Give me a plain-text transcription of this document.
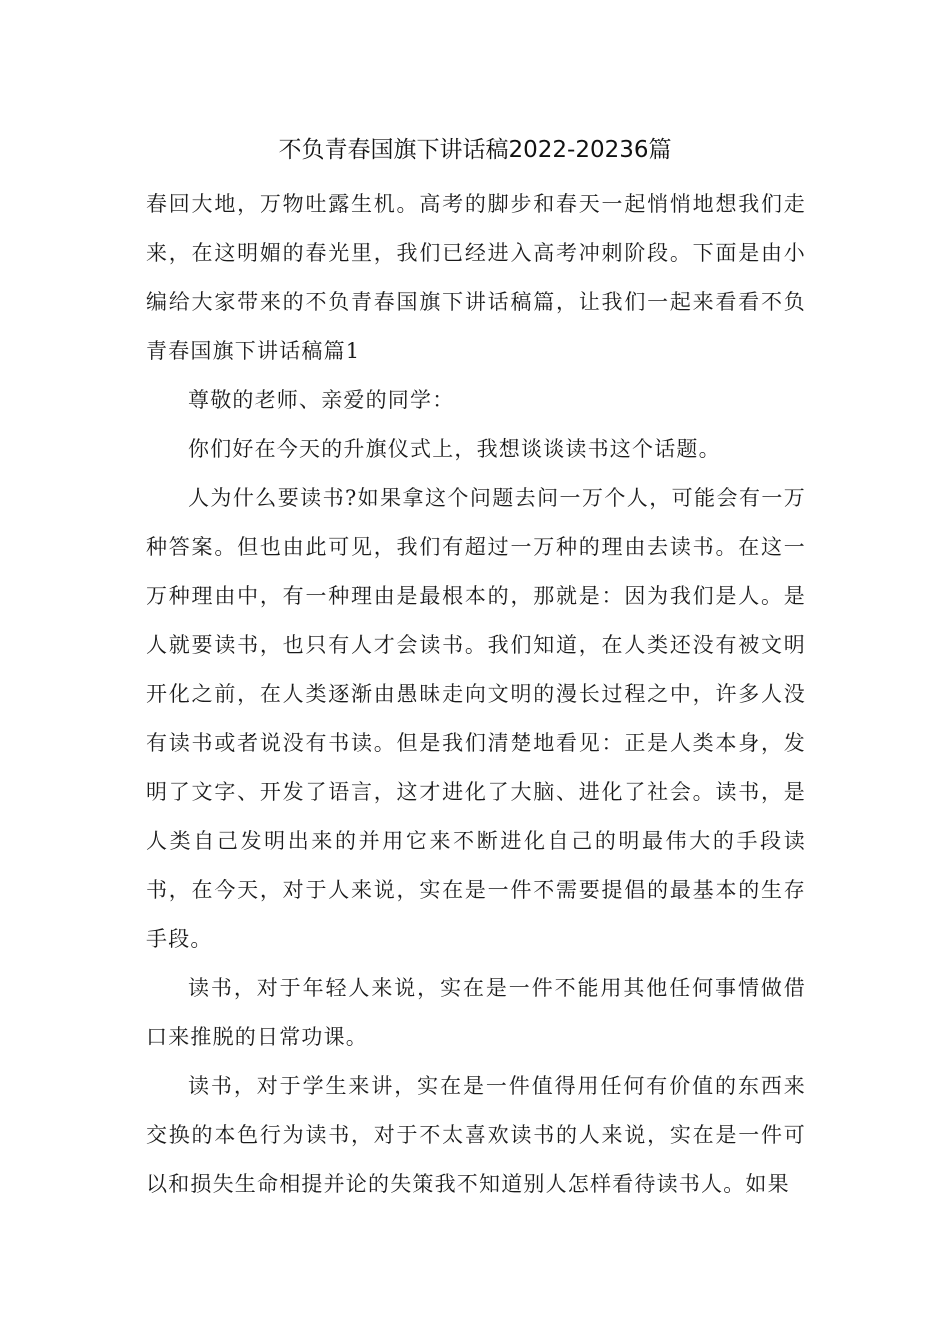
不负青春国旗下讲话稿2022-20236篇

春回大地，万物吐露生机。高考的脚步和春天一起悄悄地想我们走来，在这明媚的春光里，我们已经进入高考冲刺阶段。下面是由小编给大家带来的不负青春国旗下讲话稿篇，让我们一起来看看不负青春国旗下讲话稿篇1

尊敬的老师、亲爱的同学：

你们好在今天的升旗仪式上，我想谈谈读书这个话题。

人为什么要读书?如果拿这个问题去问一万个人，可能会有一万种答案。但也由此可见，我们有超过一万种的理由去读书。在这一万种理由中，有一种理由是最根本的，那就是：因为我们是人。是人就要读书，也只有人才会读书。我们知道，在人类还没有被文明开化之前，在人类逐渐由愚昧走向文明的漫长过程之中，许多人没有读书或者说没有书读。但是我们清楚地看见：正是人类本身，发明了文字、开发了语言，这才进化了大脑、进化了社会。读书，是人类自己发明出来的并用它来不断进化自己的明最伟大的手段读书，在今天，对于人来说，实在是一件不需要提倡的最基本的生存手段。

读书，对于年轻人来说，实在是一件不能用其他任何事情做借口来推脱的日常功课。

读书，对于学生来讲，实在是一件值得用任何有价值的东西来交换的本色行为读书，对于不太喜欢读书的人来说，实在是一件可以和损失生命相提并论的失策我不知道别人怎样看待读书人。如果
